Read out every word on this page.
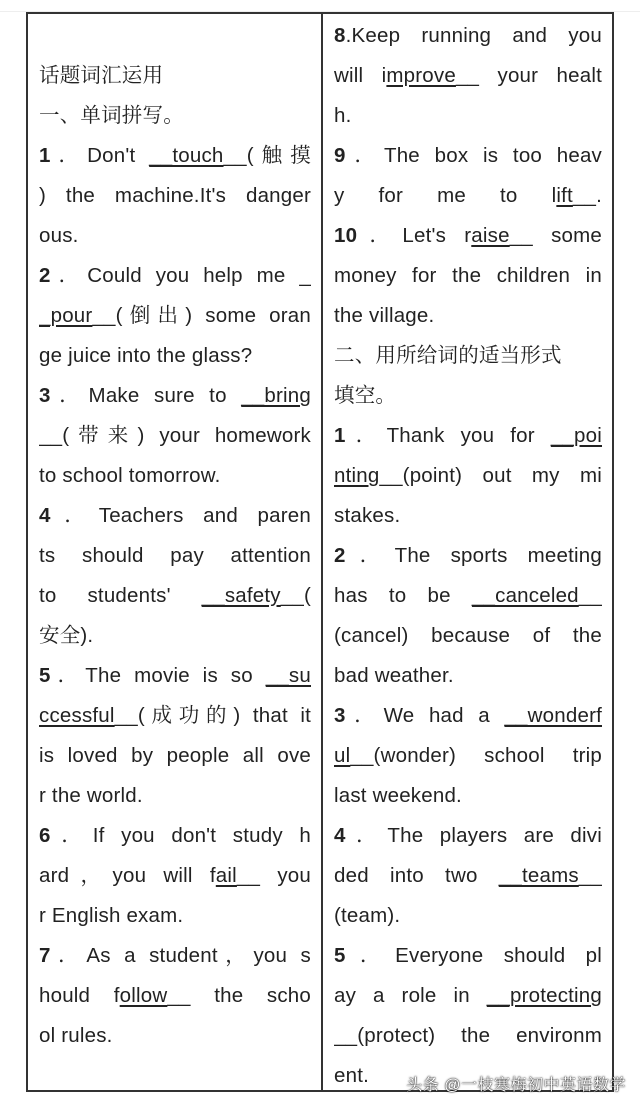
话题词汇运用
一、单词拼写。
1．Don't __touch__(触摸
) the machine.It's danger
ous.
2．Could you help me _
_pour__(倒出) some oran
ge juice into the glass?
3．Make sure to __bring
__(带来) your homework
to school tomorrow.
4．Teachers and paren
ts should pay attention
to students' __safety__(
安全).
5．The movie is so __su
ccessful__(成功的) that it
is loved by people all ove
r the world.
6．If you don't study h
ard，you will fail__ you
r English exam.
7．As a student，you s
hould follow__ the scho
ol rules.

8.Keep running and you
will improve__ your healt
h.
9．The box is too heav
y for me to lift__.
10．Let's raise__ some
money for the children in
the village.
二、用所给词的适当形式
填空。
1．Thank you for __poi
nting__(point) out my mi
stakes.
2．The sports meeting
has to be __canceled__
(cancel) because of the
bad weather.
3．We had a __wonderf
ul__(wonder) school trip
last weekend.
4．The players are divi
ded into two __teams__
(team).
5．Everyone should pl
ay a role in __protecting
__(protect) the environm
ent.	头条 @一枝寒梅初中英语数学
